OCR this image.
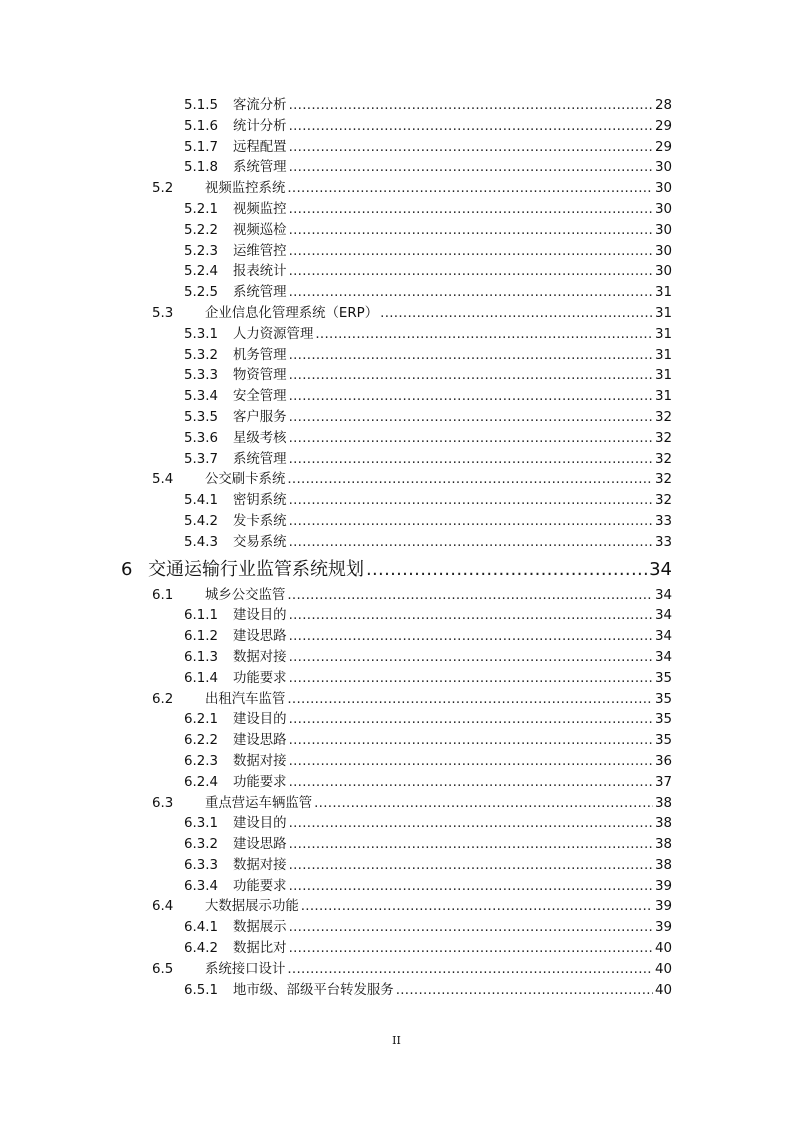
5.1.5 客流分析 .....	28
5.1.6 统计分析 .....	29
5.1.7 远程配置 .....	29
5.1.8 系统管理 .....	30
5.2 视频监控系统 .....	30
5.2.1 视频监控 .....	30
5.2.2 视频巡检 .....	30
5.2.3 运维管控 .....	30
5.2.4 报表统计 .....	30
5.2.5 系统管理 .....	31
5.3 企业信息化管理系统（ERP） .....	31
5.3.1 人力资源管理 .....	31
5.3.2 机务管理 .....	31
5.3.3 物资管理 .....	31
5.3.4 安全管理 .....	31
5.3.5 客户服务 .....	32
5.3.6 星级考核 .....	32
5.3.7 系统管理 .....	32
5.4 公交刷卡系统 .....	32
5.4.1 密钥系统 .....	32
5.4.2 发卡系统 .....	33
5.4.3 交易系统 .....	33
6 交通运输行业监管系统规划 .....	34
6.1 城乡公交监管 .....	34
6.1.1 建设目的 .....	34
6.1.2 建设思路 .....	34
6.1.3 数据对接 .....	34
6.1.4 功能要求 .....	35
6.2 出租汽车监管 .....	35
6.2.1 建设目的 .....	35
6.2.2 建设思路 .....	35
6.2.3 数据对接 .....	36
6.2.4 功能要求 .....	37
6.3 重点营运车辆监管 .....	38
6.3.1 建设目的 .....	38
6.3.2 建设思路 .....	38
6.3.3 数据对接 .....	38
6.3.4 功能要求 .....	39
6.4 大数据展示功能 .....	39
6.4.1 数据展示 .....	39
6.4.2 数据比对 .....	40
6.5 系统接口设计 .....	40
6.5.1 地市级、部级平台转发服务 .....	40
II
